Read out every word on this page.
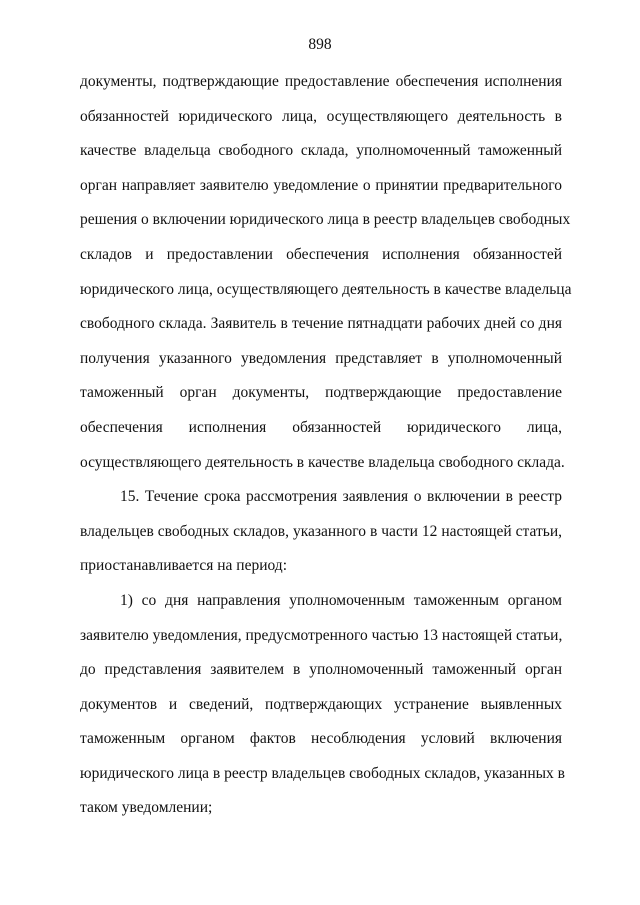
898
документы, подтверждающие предоставление обеспечения исполнения
обязанностей юридического лица, осуществляющего деятельность в
качестве владельца свободного склада, уполномоченный таможенный
орган направляет заявителю уведомление о принятии предварительного
решения о включении юридического лица в реестр владельцев свободных
складов и предоставлении обеспечения исполнения обязанностей
юридического лица, осуществляющего деятельность в качестве владельца
свободного склада. Заявитель в течение пятнадцати рабочих дней со дня
получения указанного уведомления представляет в уполномоченный
таможенный орган документы, подтверждающие предоставление
обеспечения исполнения обязанностей юридического лица,
осуществляющего деятельность в качестве владельца свободного склада.
15. Течение срока рассмотрения заявления о включении в реестр
владельцев свободных складов, указанного в части 12 настоящей статьи,
приостанавливается на период:
1) со дня направления уполномоченным таможенным органом
заявителю уведомления, предусмотренного частью 13 настоящей статьи,
до представления заявителем в уполномоченный таможенный орган
документов и сведений, подтверждающих устранение выявленных
таможенным органом фактов несоблюдения условий включения
юридического лица в реестр владельцев свободных складов, указанных в
таком уведомлении;
